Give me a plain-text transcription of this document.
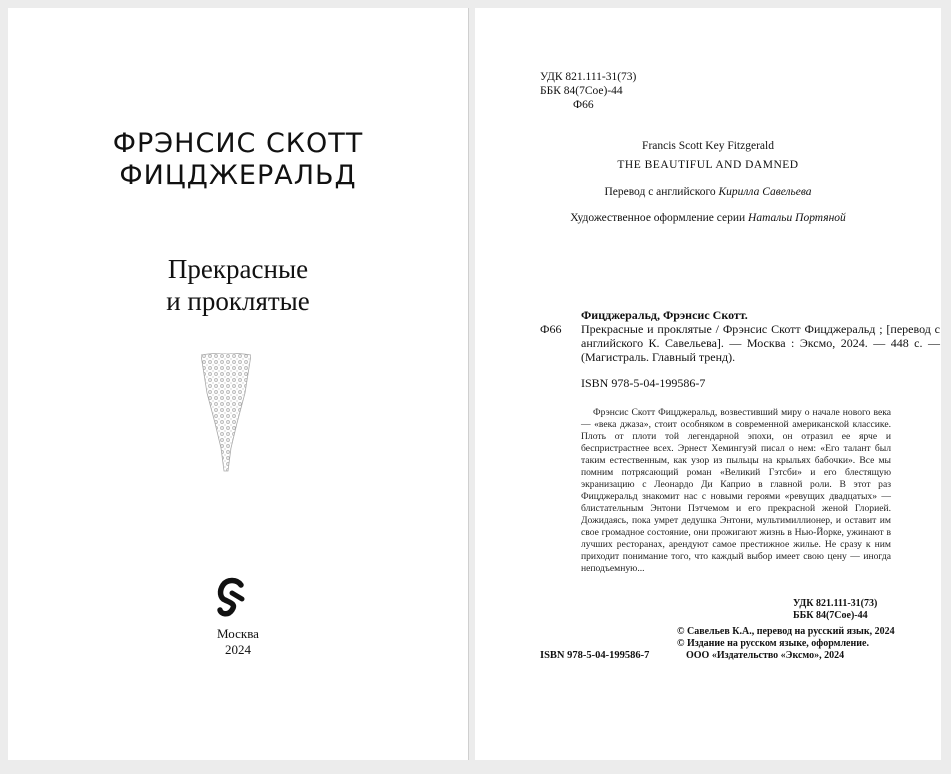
ФРЭНСИС СКОТТ
ФИЦДЖЕРАЛЬД
Прекрасные
и проклятые
Москва
2024
УДК 821.111-31(73)
ББК 84(7Сое)-44
Ф66
Francis Scott Key Fitzgerald
THE BEAUTIFUL AND DAMNED
Перевод с английского Кирилла Савельева
Художественное оформление серии Натальи Портяной
Фицджеральд, Фрэнсис Скотт.
Ф66 Прекрасные и проклятые / Фрэнсис Скотт Фицджеральд ; [перевод с английского К. Савельева]. — Москва : Эксмо, 2024. — 448 с. — (Магистраль. Главный тренд).
ISBN 978-5-04-199586-7
Фрэнсис Скотт Фицджеральд, возвестивший миру о начале нового века — «века джаза», стоит особняком в современной американской классике. Плоть от плоти той легендарной эпохи, он отразил ее ярче и беспристрастнее всех. Эрнест Хемингуэй писал о нем: «Его талант был таким естественным, как узор из пыльцы на крыльях бабочки». Все мы помним потрясающий роман «Великий Гэтсби» и его блестящую экранизацию с Леонардо Ди Каприо в главной роли. В этот раз Фицджеральд знакомит нас с новыми героями «ревущих двадцатых» — блистательным Энтони Пэтчемом и его прекрасной женой Глорией. Дожидаясь, пока умрет дедушка Энтони, мультимиллионер, и оставит им свое громадное состояние, они прожигают жизнь в Нью-Йорке, ужинают в лучших ресторанах, арендуют самое престижное жилье. Не сразу к ним приходит понимание того, что каждый выбор имеет свою цену — иногда неподъемную...
УДК 821.111-31(73)
ББК 84(7Сое)-44
© Савельев К.А., перевод на русский язык, 2024
© Издание на русском языке, оформление.
ООО «Издательство «Эксмо», 2024
ISBN 978-5-04-199586-7
